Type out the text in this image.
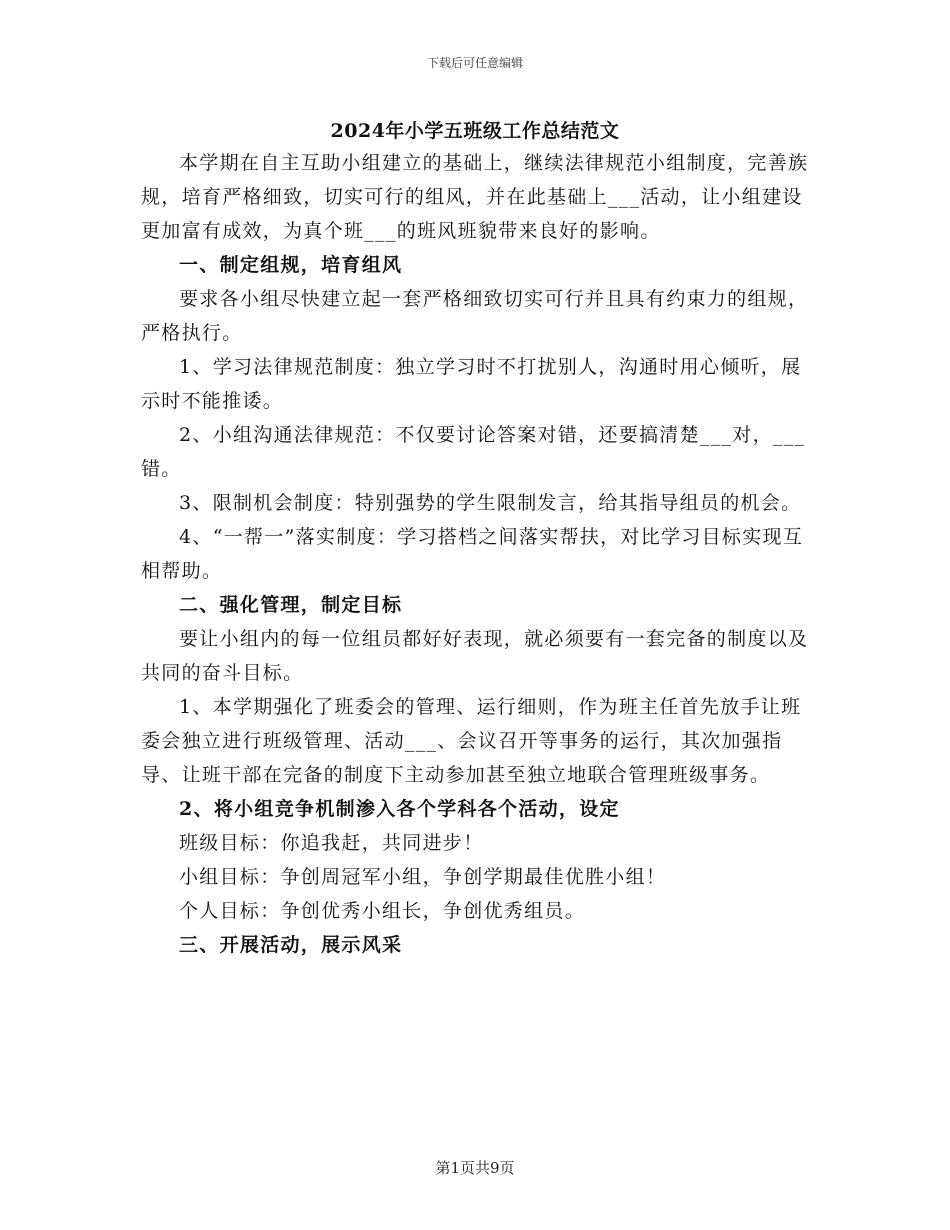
下载后可任意编辑
2024年小学五班级工作总结范文

本学期在自主互助小组建立的基础上，继续法律规范小组制度，完善族规，培育严格细致，切实可行的组风，并在此基础上___活动，让小组建设更加富有成效，为真个班___的班风班貌带来良好的影响。

一、制定组规，培育组风

要求各小组尽快建立起一套严格细致切实可行并且具有约束力的组规，严格执行。

1、学习法律规范制度：独立学习时不打扰别人，沟通时用心倾听，展示时不能推诿。

2、小组沟通法律规范：不仅要讨论答案对错，还要搞清楚___对，___错。

3、限制机会制度：特别强势的学生限制发言，给其指导组员的机会。

4、“一帮一”落实制度：学习搭档之间落实帮扶，对比学习目标实现互相帮助。

二、强化管理，制定目标

要让小组内的每一位组员都好好表现，就必须要有一套完备的制度以及共同的奋斗目标。

1、本学期强化了班委会的管理、运行细则，作为班主任首先放手让班委会独立进行班级管理、活动___、会议召开等事务的运行，其次加强指导、让班干部在完备的制度下主动参加甚至独立地联合管理班级事务。

2、将小组竞争机制渗入各个学科各个活动，设定

班级目标：你追我赶，共同进步！

小组目标：争创周冠军小组，争创学期最佳优胜小组！

个人目标：争创优秀小组长，争创优秀组员。

三、开展活动，展示风采

第1页共9页
